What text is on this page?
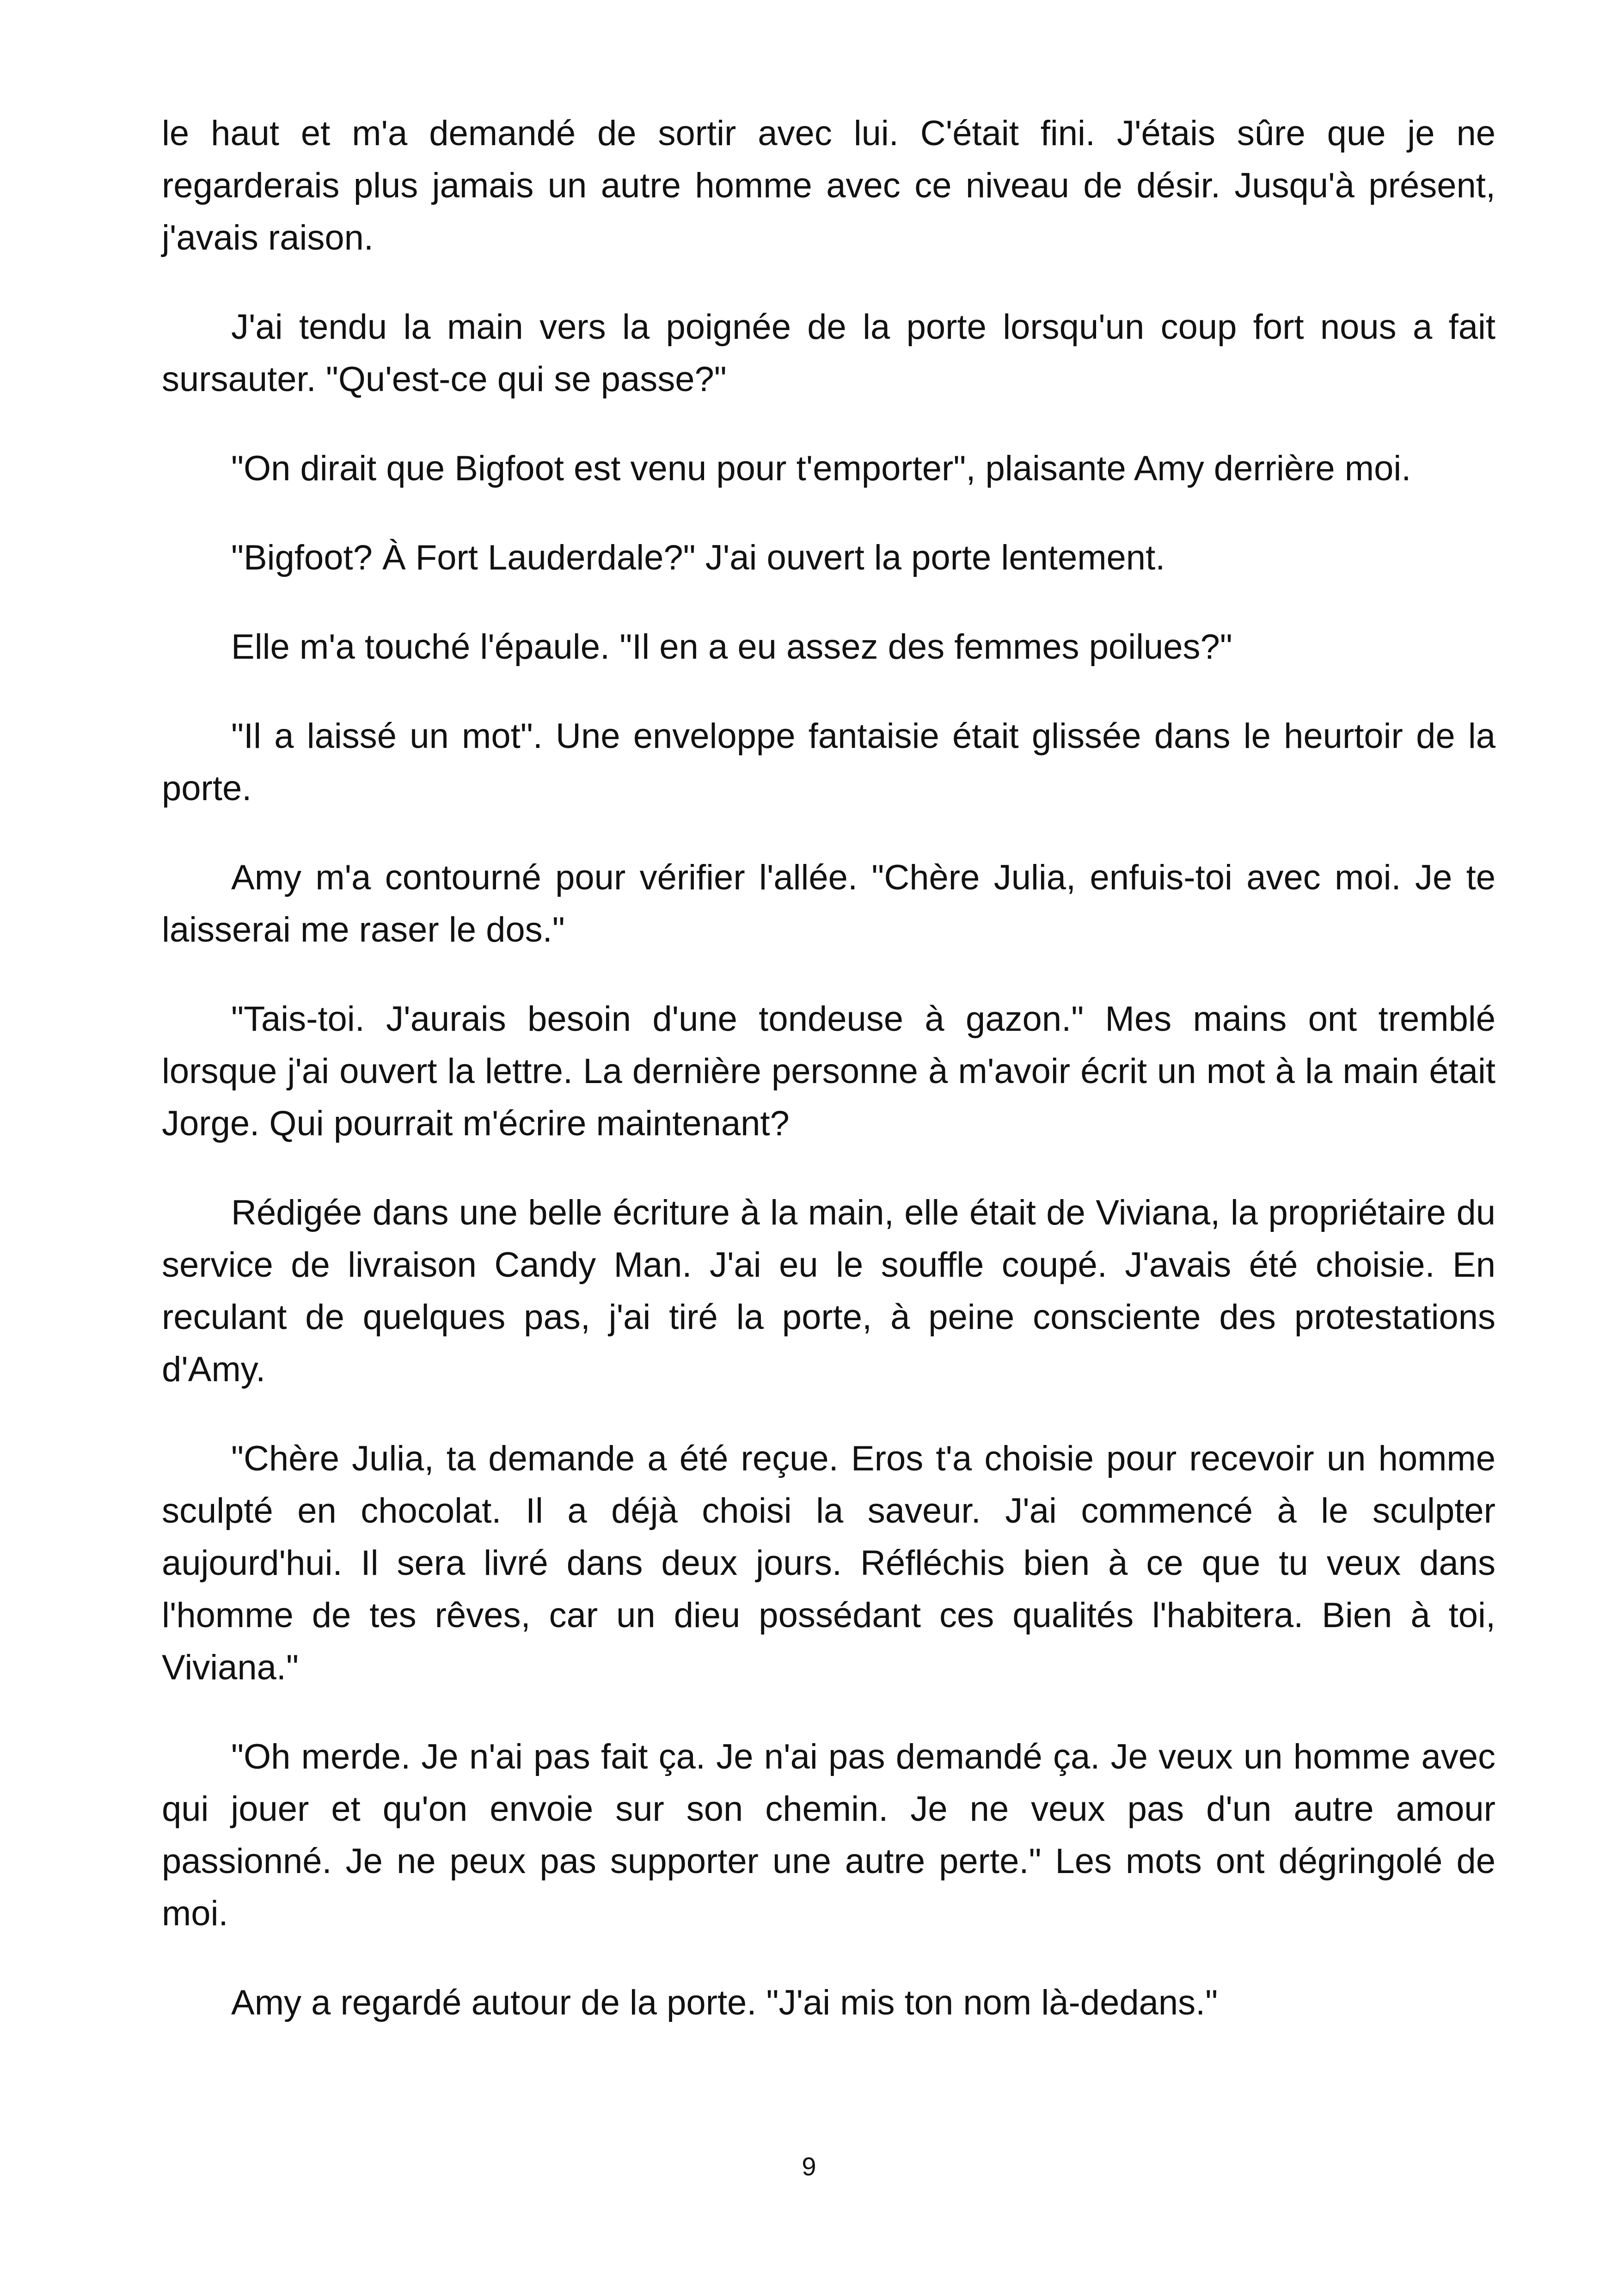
le haut et m'a demandé de sortir avec lui. C'était fini. J'étais sûre que je ne regarderais plus jamais un autre homme avec ce niveau de désir. Jusqu'à présent, j'avais raison.

J'ai tendu la main vers la poignée de la porte lorsqu'un coup fort nous a fait sursauter. "Qu'est-ce qui se passe?"

"On dirait que Bigfoot est venu pour t'emporter", plaisante Amy derrière moi.

"Bigfoot? À Fort Lauderdale?" J'ai ouvert la porte lentement.

Elle m'a touché l'épaule. "Il en a eu assez des femmes poilues?"

"Il a laissé un mot". Une enveloppe fantaisie était glissée dans le heurtoir de la porte.

Amy m'a contourné pour vérifier l'allée. "Chère Julia, enfuis-toi avec moi. Je te laisserai me raser le dos."

"Tais-toi. J'aurais besoin d'une tondeuse à gazon." Mes mains ont tremblé lorsque j'ai ouvert la lettre. La dernière personne à m'avoir écrit un mot à la main était Jorge. Qui pourrait m'écrire maintenant?

Rédigée dans une belle écriture à la main, elle était de Viviana, la propriétaire du service de livraison Candy Man. J'ai eu le souffle coupé. J'avais été choisie. En reculant de quelques pas, j'ai tiré la porte, à peine consciente des protestations d'Amy.

"Chère Julia, ta demande a été reçue. Eros t'a choisie pour recevoir un homme sculpté en chocolat. Il a déjà choisi la saveur. J'ai commencé à le sculpter aujourd'hui. Il sera livré dans deux jours. Réfléchis bien à ce que tu veux dans l'homme de tes rêves, car un dieu possédant ces qualités l'habitera. Bien à toi, Viviana."

"Oh merde. Je n'ai pas fait ça. Je n'ai pas demandé ça. Je veux un homme avec qui jouer et qu'on envoie sur son chemin. Je ne veux pas d'un autre amour passionné. Je ne peux pas supporter une autre perte." Les mots ont dégringolé de moi.

Amy a regardé autour de la porte. "J'ai mis ton nom là-dedans."

9
